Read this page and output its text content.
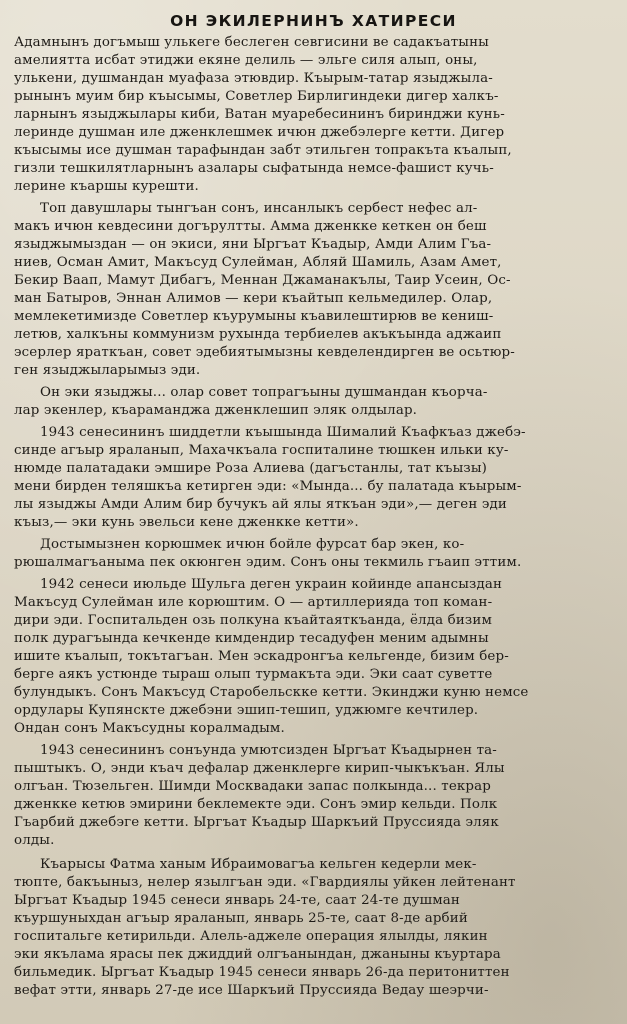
ОН ЭКИЛЕРНИНЪ ХАТИРЕСИ
Адамнынъ догъмыш улькеге беслеген севгисини ве садакъатыны
амелиятта исбат этиджи екяне делиль — эльге силя алып, оны,
улькени, душмандан муафаза этювдир. Къырым-татар языджыла-
рынынъ муим бир къысымы, Советлер Бирлигиндеки дигер халкъ-
ларнынъ языджылары киби, Ватан муаребесининъ биринджи кунь-
леринде душман иле дженклешмек ичюн джебэлерге кетти. Дигер
къысымы исе душман тарафындан забт этильген топракъта къалып,
гизли тешкилятларнынъ азалары сыфатында немсе-фашист кучь-
лерине къаршы курешти.
Топ давушлары тынгъан сонъ, инсанлыкъ сербест нефес ал-
макъ ичюн кевдесини догърултты. Амма дженкке кеткен он беш
языджымыздан — он экиси, яни Ыргъат Къадыр, Амди Алим Гъа-
ниев, Осман Амит, Макъсуд Сулейман, Абляй Шамиль, Азам Амет,
Бекир Ваап, Мамут Дибагъ, Меннан Джаманакълы, Таир Усеин, Ос-
ман Батыров, Эннан Алимов — кери къайтып кельмедилер. Олар,
мемлекетимизде Советлер къурумыны къавилештирюв ве кениш-
летюв, халкъны коммунизм рухында тербиелев акъкъында аджаип
эсерлер яраткъан, совет эдебиятымызны кевделендирген ве осьтюр-
ген языджыларымыз эди.
Он эки языджы... олар совет топрагъыны душмандан къорча-
лар экенлер, къараманджа дженклешип эляк олдылар.
1943 сенесининъ шиддетли къышында Шималий Къафкъаз джебэ-
синде агъыр яраланып, Махачкъала госпиталине тюшкен ильки ку-
нюмде палатадаки эмшире Роза Алиева (дагъстанлы, тат къызы)
мени бирден теляшкъа кетирген эди: «Мында... бу палатада къырым-
лы языджы Амди Алим бир бучукъ ай ялы яткъан эди»,— деген эди
къыз,— эки кунь эвельси кене дженкке кетти».
Достымызнен корюшмек ичюн бойле фурсат бар экен, ко-
рюшалмагъаныма пек окюнген эдим. Сонъ оны текмиль гъаип эттим.
1942 сенеси июльде Шульга деген украин койинде апансыздан
Макъсуд Сулейман иле корюштим. О — артиллерияда топ коман-
дири эди. Госпитальден озь полкуна къайтаяткъанда, ёлда бизим
полк дурагъында кечкенде кимдендир тесадуфен меним адымны
ишите къалып, токътагъан. Мен эскадронгъа кельгенде, бизим бер-
берге аякъ устюнде тыраш олып турмакъта эди. Эки саат суветте
булундыкъ. Сонъ Макъсуд Старобельскке кетти. Экинджи куню немсе
ордулары Купянскте джебэни эшип-тешип, уджюмге кечтилер.
Ондан сонъ Макъсудны коралмадым.
1943 сенесининъ сонъунда умютсизден Ыргъат Къадырнен та-
пыштыкъ. О, энди къач дефалар дженклерге кирип-чыкъкъан. Ялы
олгъан. Тюзельген. Шимди Москвадаки запас полкында... текрар
дженкке кетюв эмирини беклемекте эди. Сонъ эмир кельди. Полк
Гъарбий джебэге кетти. Ыргъат Къадыр Шаркъий Пруссияда эляк
олды.
Къарысы Фатма ханым Ибраимовагъа кельген кедерли мек-
тюпте, бакъыныз, нелер язылгъан эди. «Гвардиялы уйкен лейтенант
Ыргъат Къадыр 1945 сенеси январь 24-те, саат 24-те душман
къуршуныхдан агъыр яраланып, январь 25-те, саат 8-де арбий
госпитальге кетирильди. Алель-аджеле операция ялылды, лякин
эки якълама ярасы пек джиддий олгъанындан, джаныны къуртара
бильмедик. Ыргъат Къадыр 1945 сенеси январь 26-да перитониттен
вефат этти, январь 27-де исе Шаркъий Пруссияда Ведау шеэрчи-
